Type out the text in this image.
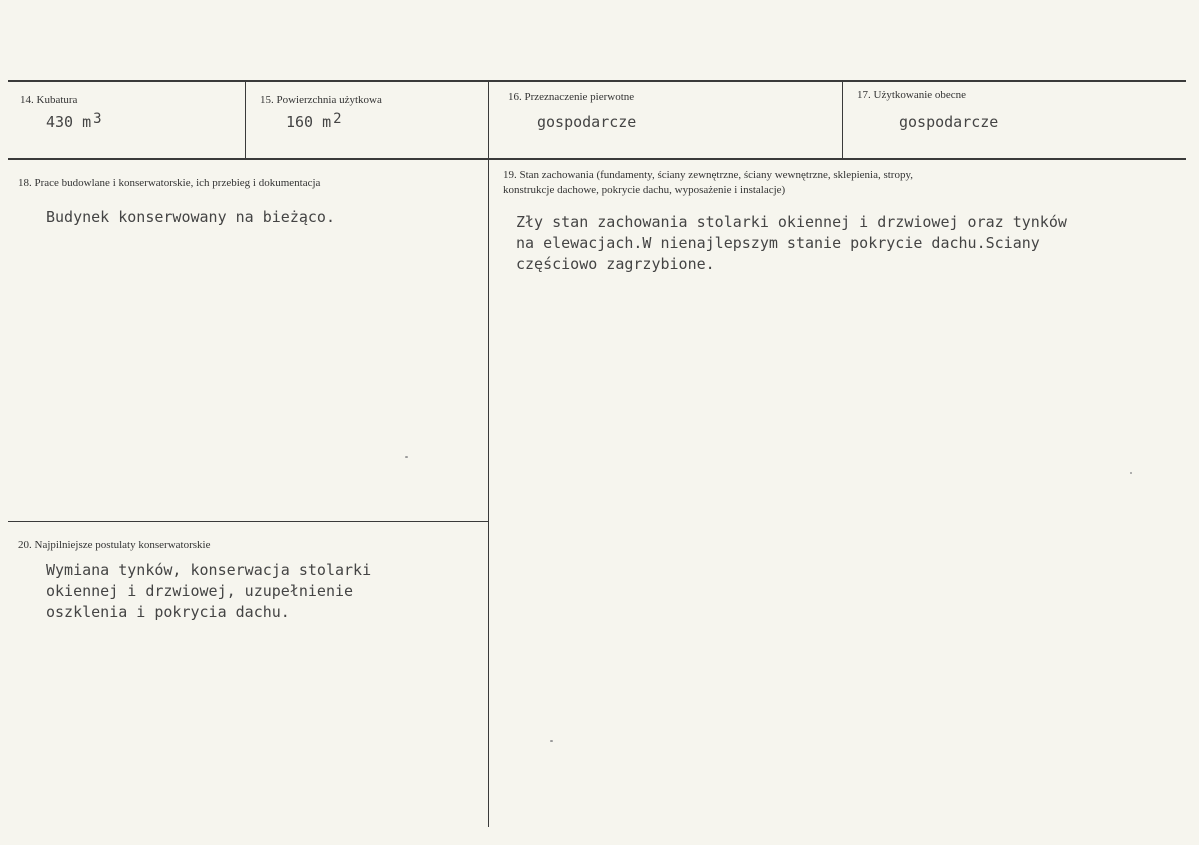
14. Kubatura
430 m $^3$
15. Powierzchnia użytkowa
160 m $^2$
16. Przeznaczenie pierwotne
gospodarcze
17. Użytkowanie obecne
gospodarcze
18. Prace budowlane i konserwatorskie, ich przebieg i dokumentacja
Budynek konserwowany na bieżąco.
19. Stan zachowania (fundamenty, ściany zewnętrzne, ściany wewnętrzne, sklepienia, stropy,
konstrukcje dachowe, pokrycie dachu, wyposażenie i instalacje)
Zły stan zachowania stolarki okiennej i drzwiowej oraz tynków
na elewacjach.W nienajlepszym stanie pokrycie dachu.Sciany
częściowo zagrzybione.
20. Najpilniejsze postulaty konserwatorskie
Wymiana tynków, konserwacja stolarki
okiennej i drzwiowej, uzupełnienie
oszklenia i pokrycia dachu.
